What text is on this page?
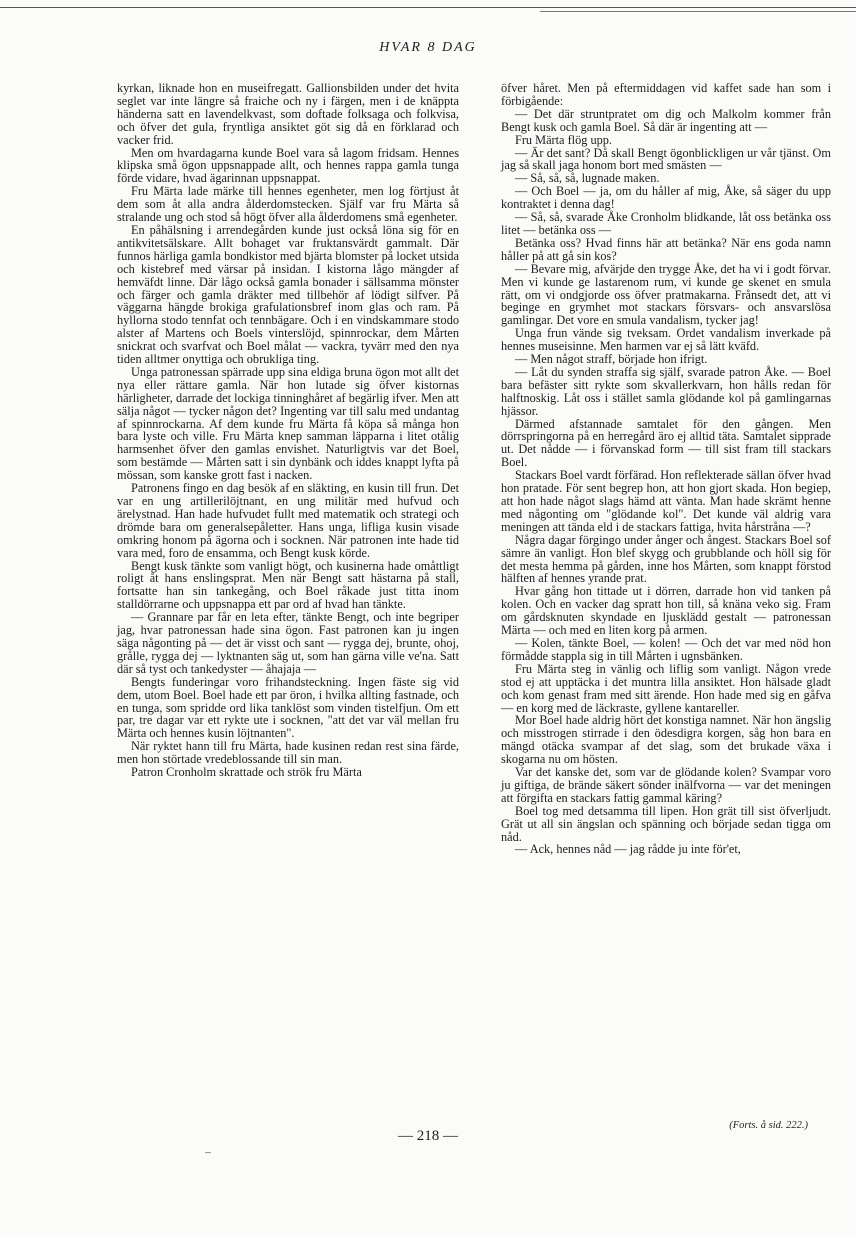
HVAR 8 DAG

kyrkan, liknade hon en museifregatt. Gallionsbilden under det hvita seglet var inte längre så fraiche och ny i färgen, men i de knäppta händerna satt en lavendelkvast, som doftade folksaga och folkvisa, och öfver det gula, fryntliga ansiktet göt sig då en förklarad och vacker frid.

Men om hvardagarna kunde Boel vara så lagom fridsam. Hennes klipska små ögon uppsnappade allt, och hennes rappa gamla tunga förde vidare, hvad ägarinnan uppsnappat.

Fru Märta lade märke till hennes egenheter, men log förtjust åt dem som åt alla andra ålderdomstecken. Själf var fru Märta så stralande ung och stod så högt öfver alla ålderdomens små egenheter.

En påhälsning i arrendegården kunde just också löna sig för en antikvitetsälskare. Allt bohaget var fruktansvärdt gammalt. Där funnos härliga gamla bondkistor med bjärta blomster på locket utsida och kistebref med värsar på insidan. I kistorna lågo mängder af hemväfdt linne. Där lågo också gamla bonader i sällsamma mönster och färger och gamla dräkter med tillbehör af lödigt silfver. På väggarna hängde brokiga grafulationsbref inom glas och ram. På hyllorna stodo tennfat och tennbägare. Och i en vindskammare stodo alster af Martens och Boels vinterslöjd, spinnrockar, dem Mårten snickrat och svarfvat och Boel målat — vackra, tyvärr med den nya tiden alltmer onyttiga och obrukliga ting.

Unga patronessan spärrade upp sina eldiga bruna ögon mot allt det nya eller rättare gamla. När hon lutade sig öfver kistornas härligheter, darrade det lockiga tinninghåret af begärlig ifver. Men att sälja något — tycker någon det? Ingenting var till salu med undantag af spinnrockarna. Af dem kunde fru Märta få köpa så många hon bara lyste och ville. Fru Märta knep samman läpparna i litet otålig harmsenhet öfver den gamlas envishet. Naturligtvis var det Boel, som bestämde — Mårten satt i sin dynbänk och iddes knappt lyfta på mössan, som kanske grott fast i nacken.

Patronens fingo en dag besök af en släkting, en kusin till frun. Det var en ung artillerilöjtnant, en ung militär med hufvud och ärelystnad. Han hade hufvudet fullt med matematik och strategi och drömde bara om generalsepåletter. Hans unga, lifliga kusin visade omkring honom på ägorna och i socknen. När patronen inte hade tid vara med, foro de ensamma, och Bengt kusk körde.

Bengt kusk tänkte som vanligt högt, och kusinerna hade omåttligt roligt åt hans enslingsprat. Men när Bengt satt hästarna på stall, fortsatte han sin tankegång, och Boel råkade just titta inom stalldörrarne och uppsnappa ett par ord af hvad han tänkte.

— Grannare par får en leta efter, tänkte Bengt, och inte begriper jag, hvar patronessan hade sina ögon. Fast patronen kan ju ingen säga någonting på — det är visst och sant — rygga dej, brunte, ohoj, grålle, rygga dej — lyktnanten säg ut, som han gärna ville ve'na. Satt där så tyst och tankedyster — åhajaja —

Bengts funderingar voro frihandsteckning. Ingen fäste sig vid dem, utom Boel. Boel hade ett par öron, i hvilka allting fastnade, och en tunga, som spridde ord lika tanklöst som vinden tistelfjun. Om ett par, tre dagar var ett rykte ute i socknen, "att det var väl mellan fru Märta och hennes kusin löjtnanten".

När ryktet hann till fru Märta, hade kusinen redan rest sina färde, men hon störtade vredeblossande till sin man.

Patron Cronholm skrattade och strök fru Märta

öfver håret. Men på eftermiddagen vid kaffet sade han som i förbigående:

— Det där struntpratet om dig och Malkolm kommer från Bengt kusk och gamla Boel. Så där är ingenting att —

Fru Märta flög upp.

— Är det sant? Då skall Bengt ögonblickligen ur vår tjänst. Om jag så skall jaga honom bort med smästen —

— Så, så, så, lugnade maken.

— Och Boel — ja, om du håller af mig, Åke, så säger du upp kontraktet i denna dag!

— Så, så, svarade Åke Cronholm blidkande, låt oss betänka oss litet — betänka oss —

Betänka oss? Hvad finns här att betänka? När ens goda namn håller på att gå sin kos?

— Bevare mig, afvärjde den trygge Åke, det ha vi i godt förvar. Men vi kunde ge lastarenom rum, vi kunde ge skenet en smula rätt, om vi ondgjorde oss öfver pratmakarna. Frånsedt det, att vi beginge en grymhet mot stackars försvars- och ansvarslösa gamlingar. Det vore en smula vandalism, tycker jag!

Unga frun vände sig tveksam. Ordet vandalism inverkade på hennes museisinne. Men harmen var ej så lätt kväfd.

— Men något straff, började hon ifrigt.

— Låt du synden straffa sig själf, svarade patron Åke. — Boel bara befäster sitt rykte som skvallerkvarn, hon hålls redan för halftnoskig. Låt oss i stället samla glödande kol på gamlingarnas hjässor.

Därmed afstannade samtalet för den gången. Men dörrspringorna på en herregård äro ej alltid täta. Samtalet sipprade ut. Det nådde — i förvanskad form — till sist fram till stackars Boel.

Stackars Boel vardt förfärad. Hon reflekterade sällan öfver hvad hon pratade. För sent begrep hon, att hon gjort skada. Hon begiep, att hon hade något slags hämd att vänta. Man hade skrämt henne med någonting om "glödande kol". Det kunde väl aldrig vara meningen att tända eld i de stackars fattiga, hvita hårstråna —?

Några dagar förgingo under ånger och ångest. Stackars Boel sof sämre än vanligt. Hon blef skygg och grubblande och höll sig för det mesta hemma på gården, inne hos Mårten, som knappt förstod hälften af hennes yrande prat.

Hvar gång hon tittade ut i dörren, darrade hon vid tanken på kolen. Och en vacker dag spratt hon till, så knäna veko sig. Fram om gårdsknuten skyndade en ljusklädd gestalt — patronessan Märta — och med en liten korg på armen.

— Kolen, tänkte Boel, — kolen! — Och det var med nöd hon förmådde stappla sig in till Mårten i ugnsbänken.

Fru Märta steg in vänlig och liflig som vanligt. Någon vrede stod ej att upptäcka i det muntra lilla ansiktet. Hon hälsade gladt och kom genast fram med sitt ärende. Hon hade med sig en gåfva — en korg med de läckraste, gyllene kantareller.

Mor Boel hade aldrig hört det konstiga namnet. När hon ängslig och misstrogen stirrade i den ödesdigra korgen, såg hon bara en mängd otäcka svampar af det slag, som det brukade växa i skogarna nu om hösten.

Var det kanske det, som var de glödande kolen? Svampar voro ju giftiga, de brände säkert sönder inälfvorna — var det meningen att förgifta en stackars fattig gammal käring?

Boel tog med detsamma till lipen. Hon grät till sist öfverljudt. Grät ut all sin ängslan och spänning och började sedan tigga om nåd.

— Ack, hennes nåd — jag rådde ju inte för'et,

(Forts. å sid. 222.)
— 218 —
